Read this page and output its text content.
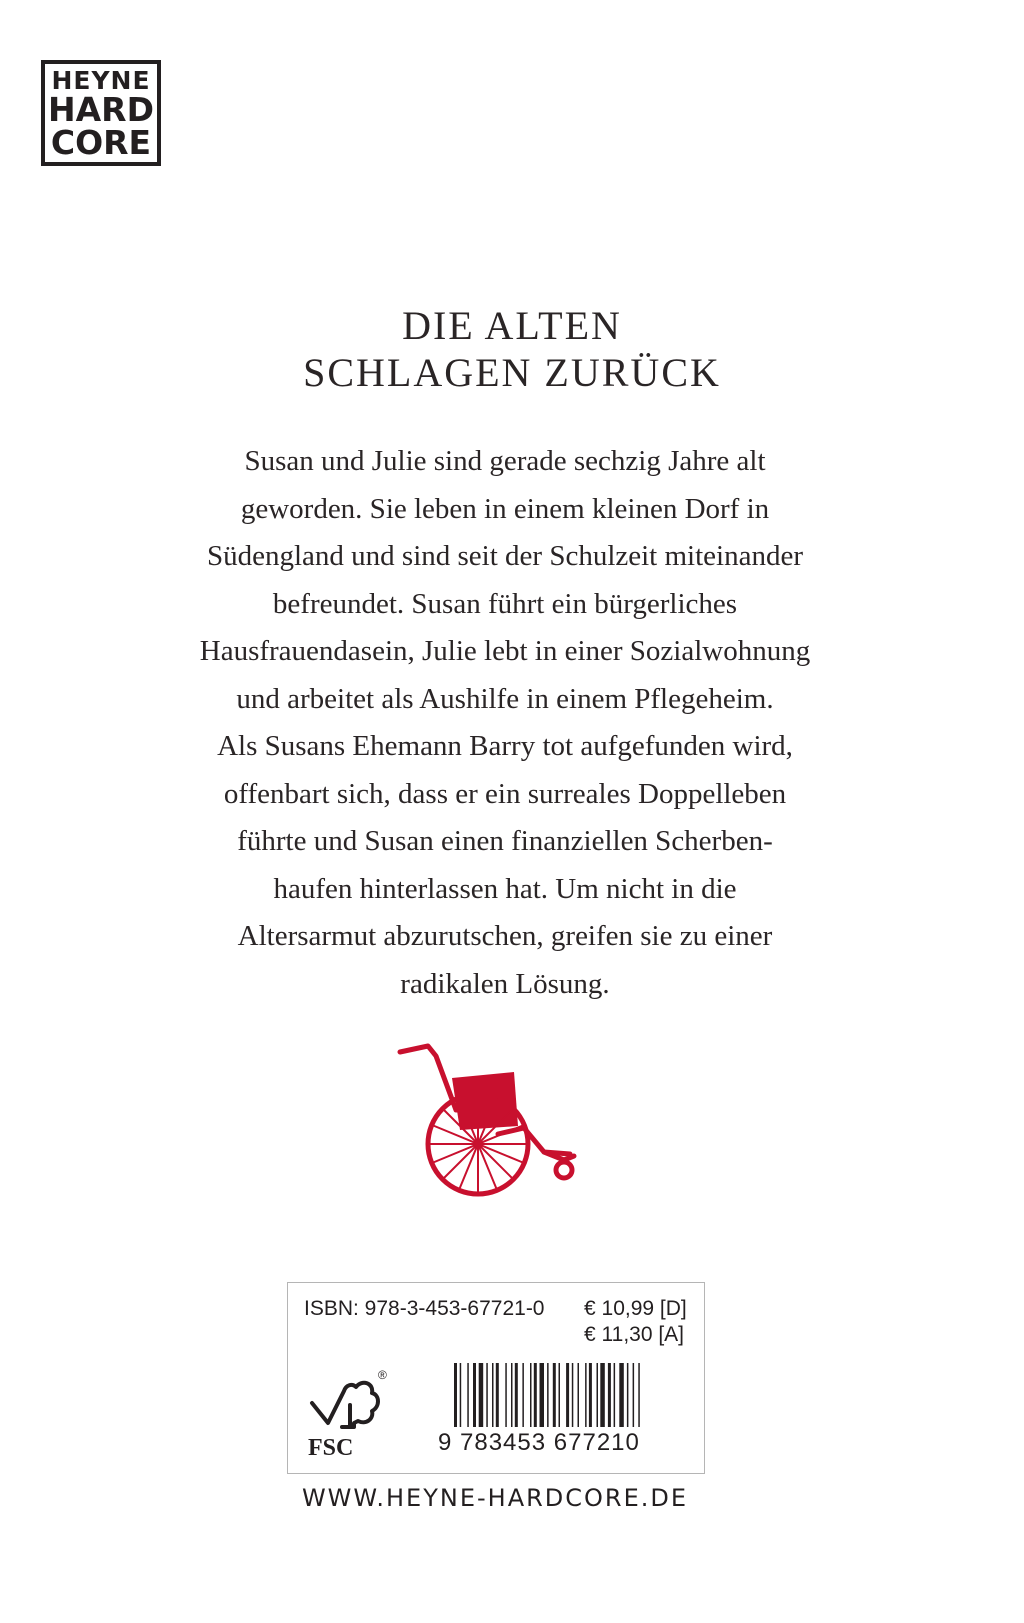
HEYNE
HARD
CORE
DIE ALTEN
SCHLAGEN ZURÜCK
Susan und Julie sind gerade sechzig Jahre alt
geworden. Sie leben in einem kleinen Dorf in
Südengland und sind seit der Schulzeit miteinander
befreundet. Susan führt ein bürgerliches
Hausfrauendasein, Julie lebt in einer Sozialwohnung
und arbeitet als Aushilfe in einem Pflegeheim.
Als Susans Ehemann Barry tot aufgefunden wird,
offenbart sich, dass er ein surreales Doppelleben
führte und Susan einen finanziellen Scherben-
haufen hinterlassen hat. Um nicht in die
Altersarmut abzurutschen, greifen sie zu einer
radikalen Lösung.
ISBN: 978-3-453-67721-0 € 10,99 [D]
€ 11,30 [A]
FSC
®
9 783453 677210
WWW.HEYNE-HARDCORE.DE
